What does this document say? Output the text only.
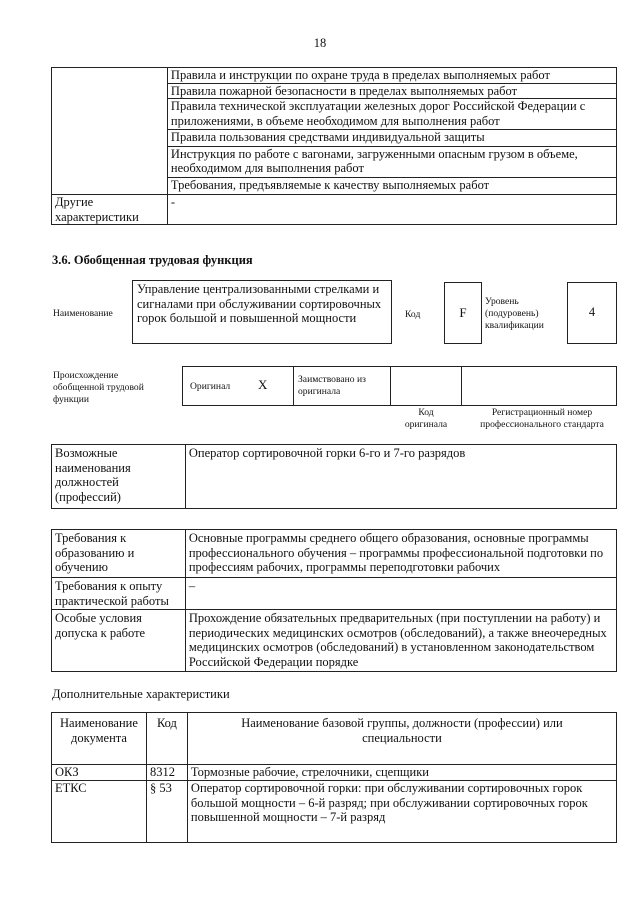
18
	Правила и инструкции по охране труда в пределах выполняемых работ
	Правила пожарной безопасности в пределах выполняемых работ
	Правила технической эксплуатации железных дорог Российской Федерации с приложениями, в объеме необходимом для выполнения работ
	Правила пользования средствами индивидуальной защиты
	Инструкция по работе с вагонами, загруженными опасным грузом в объеме, необходимом для выполнения работ
	Требования, предъявляемые к качеству выполняемых работ
Другие характеристики	-
3.6. Обобщенная трудовая функция
Наименование
Управление централизованными стрелками и сигналами при обслуживании сортировочных горок большой и повышенной мощности	Код	F
Уровень (подуровень) квалификации
4
Происхождение обобщенной трудовой функции
Оригинал X	Заимствовано из оригинала
Код оригинала
Регистрационный номер профессионального стандарта
Возможные наименования должностей (профессий)	Оператор сортировочной горки 6-го и 7-го разрядов
Требования к образованию и обучению	Основные программы среднего общего образования, основные программы профессионального обучения – программы профессиональной подготовки по профессиям рабочих, программы переподготовки рабочих
Требования к опыту практической работы	–
Особые условия допуска к работе	Прохождение обязательных предварительных (при поступлении на работу) и периодических медицинских осмотров (обследований), а также внеочередных медицинских осмотров (обследований) в установленном законодательством Российской Федерации порядке
Дополнительные характеристики
Наименование документа	Код	Наименование базовой группы, должности (профессии) или специальности
ОКЗ	8312	Тормозные рабочие, стрелочники, сцепщики
ЕТКС	§ 53	Оператор сортировочной горки: при обслуживании сортировочных горок большой мощности – 6-й разряд; при обслуживании сортировочных горок повышенной мощности – 7-й разряд
